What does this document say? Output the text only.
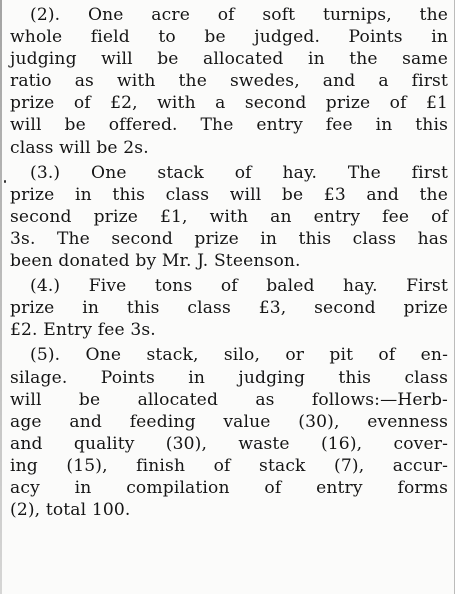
(2). One acre of soft turnips, the
whole field to be judged. Points in
judging will be allocated in the same
ratio as with the swedes, and a first
prize of £2, with a second prize of £1
will be offered. The entry fee in this
class will be 2s.
(3.) One stack of hay. The first
prize in this class will be £3 and the
second prize £1, with an entry fee of
3s. The second prize in this class has
been donated by Mr. J. Steenson.
(4.) Five tons of baled hay. First
prize in this class £3, second prize
£2. Entry fee 3s.
(5). One stack, silo, or pit of en-
silage. Points in judging this class
will be allocated as follows:—Herb-
age and feeding value (30), evenness
and quality (30), waste (16), cover-
ing (15), finish of stack (7), accur-
acy in compilation of entry forms
(2), total 100.
